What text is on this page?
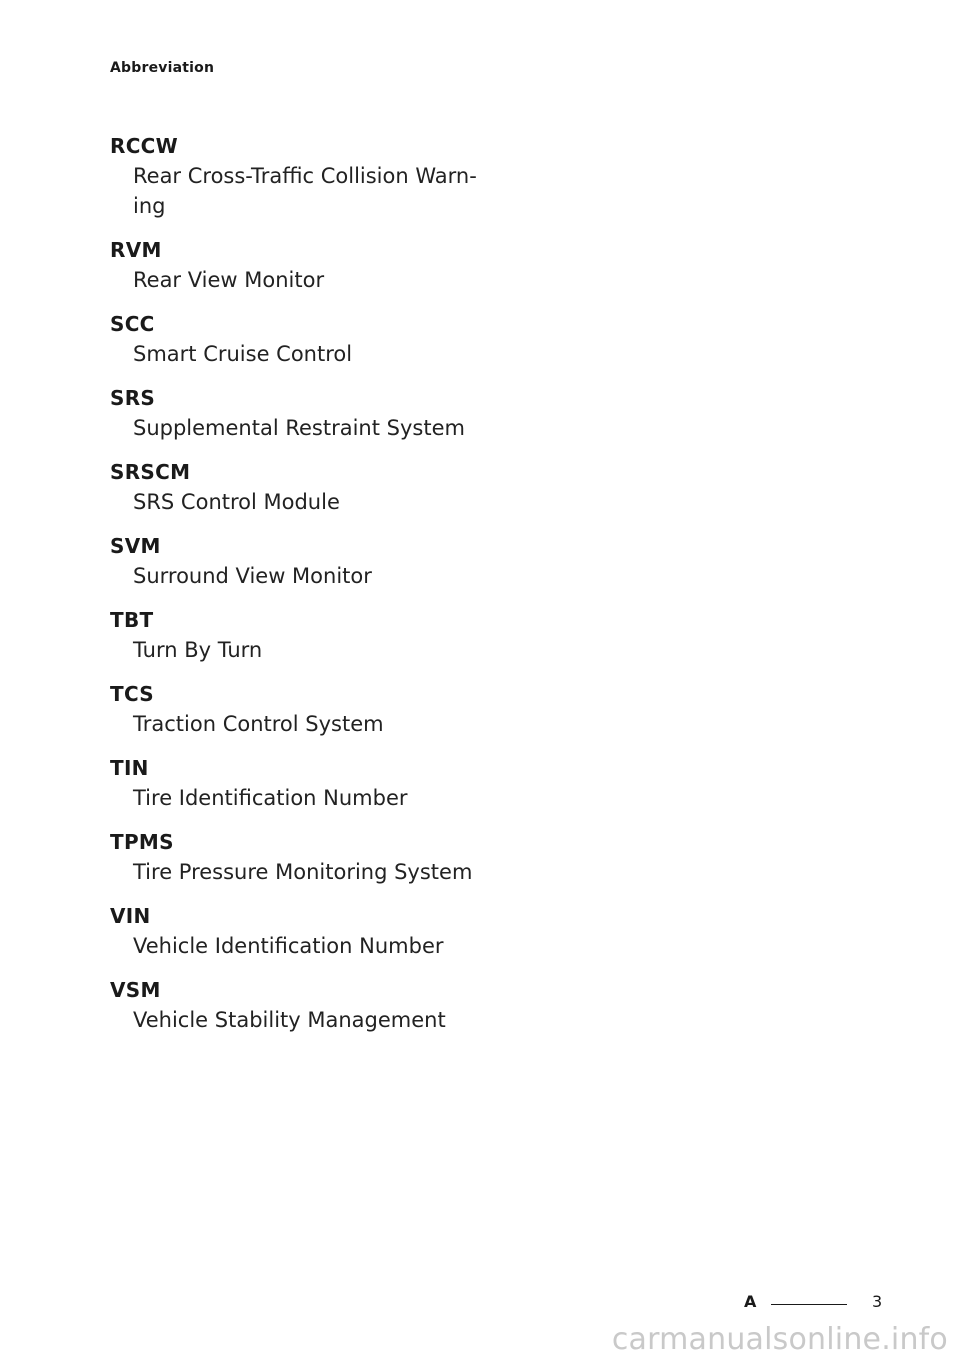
Abbreviation
RCCW
Rear Cross-Traffic Collision Warn-ing
RVM
Rear View Monitor
SCC
Smart Cruise Control
SRS
Supplemental Restraint System
SRSCM
SRS Control Module
SVM
Surround View Monitor
TBT
Turn By Turn
TCS
Traction Control System
TIN
Tire Identification Number
TPMS
Tire Pressure Monitoring System
VIN
Vehicle Identification Number
VSM
Vehicle Stability Management
A	3
carmanualsonline.info
